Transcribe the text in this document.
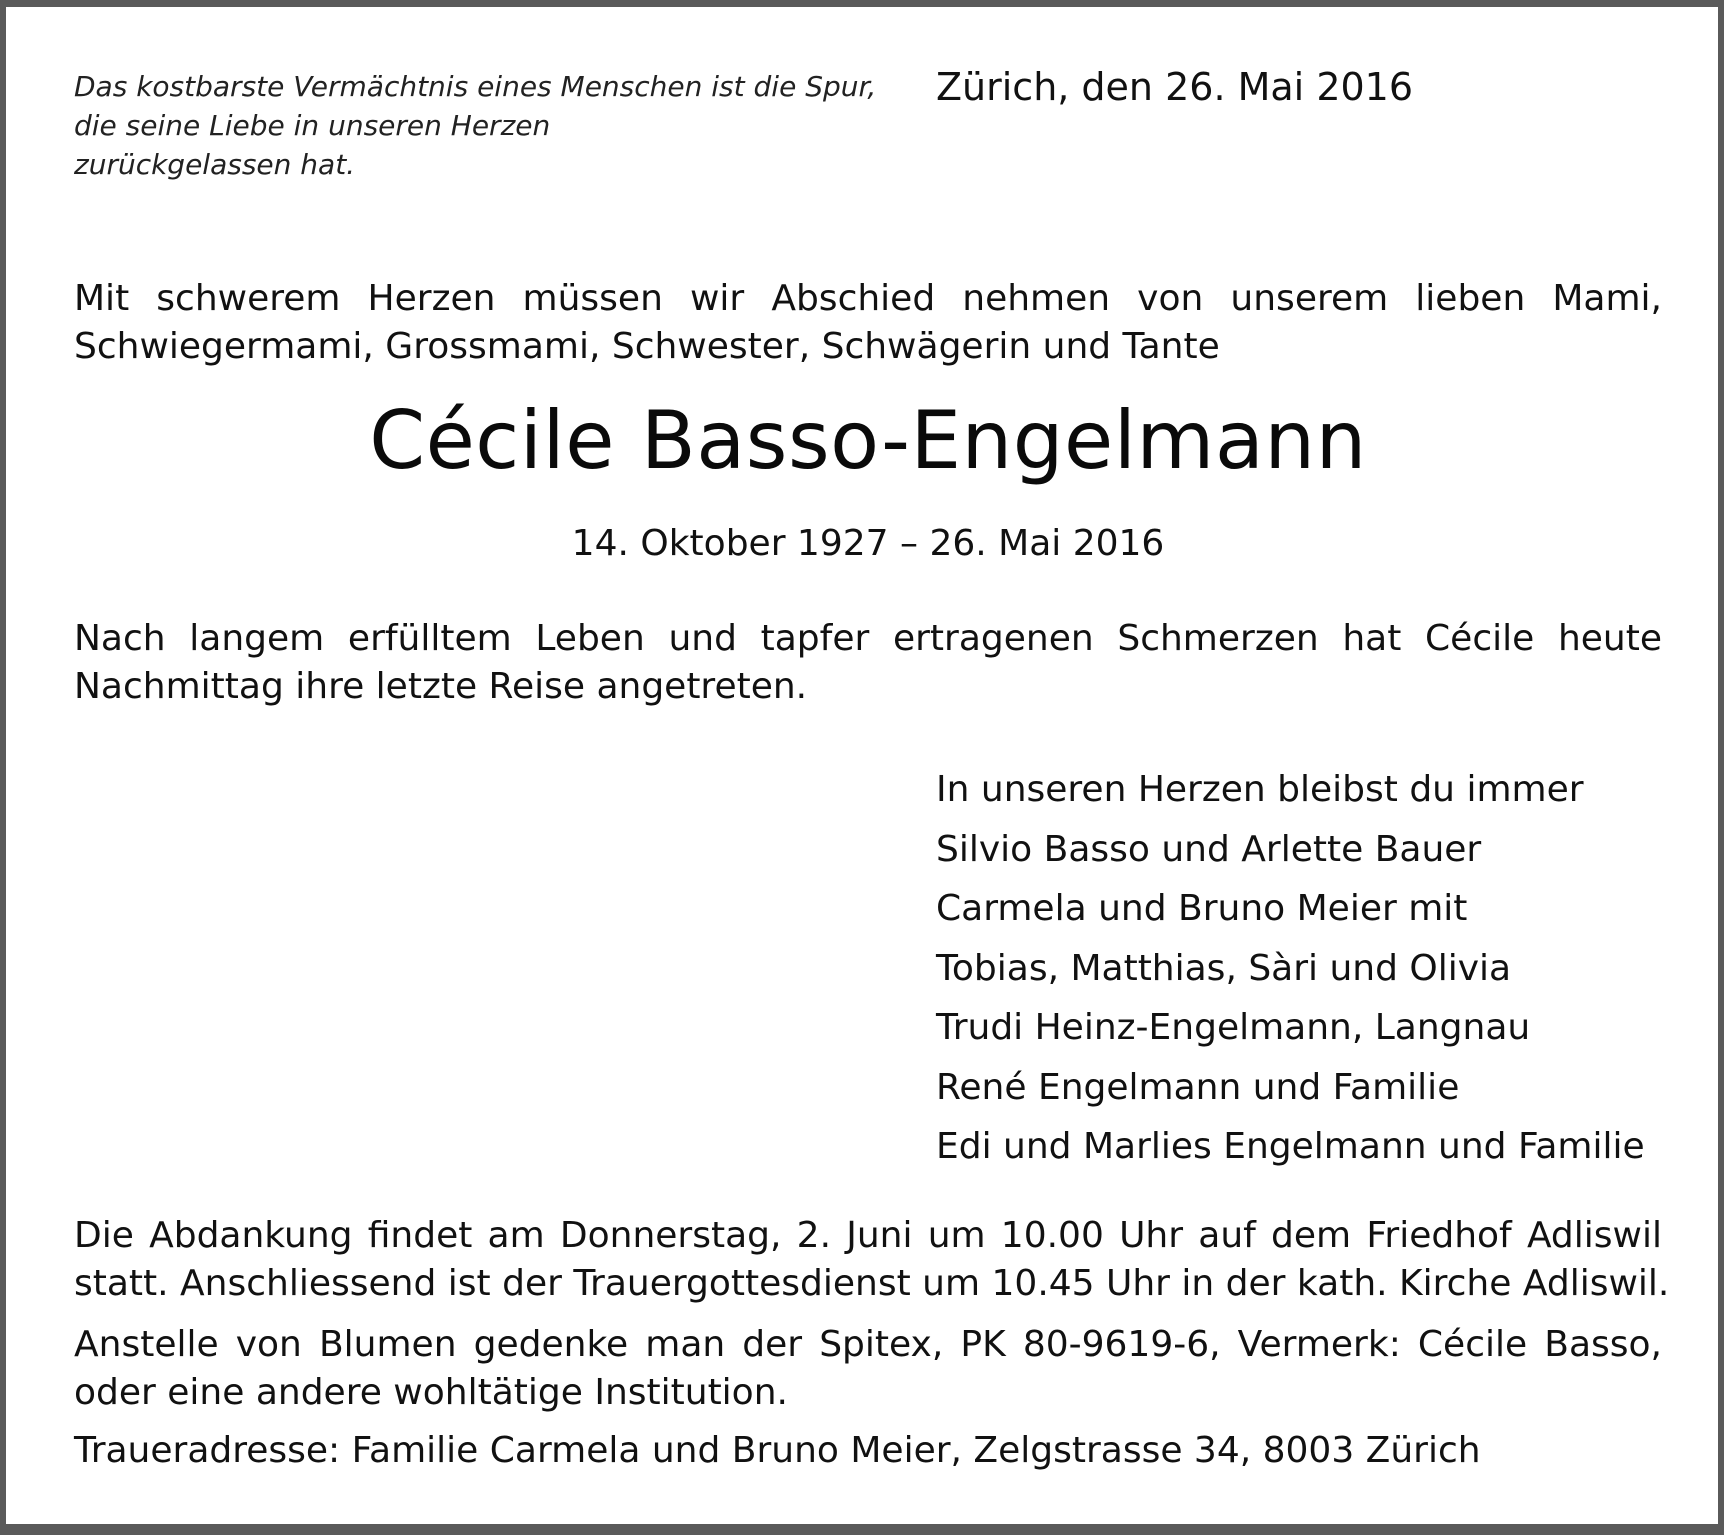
Das kostbarste Vermächtnis eines Menschen ist die Spur,
die seine Liebe in unseren Herzen
zurückgelassen hat.
Zürich, den 26. Mai 2016
Mit schwerem Herzen müssen wir Abschied nehmen von unserem lieben Mami,
Schwiegermami, Grossmami, Schwester, Schwägerin und Tante
Cécile Basso-Engelmann
14. Oktober 1927 – 26. Mai 2016
Nach langem erfülltem Leben und tapfer ertragenen Schmerzen hat Cécile heute
Nachmittag ihre letzte Reise angetreten.
In unseren Herzen bleibst du immer
Silvio Basso und Arlette Bauer
Carmela und Bruno Meier mit
Tobias, Matthias, Sàri und Olivia
Trudi Heinz-Engelmann, Langnau
René Engelmann und Familie
Edi und Marlies Engelmann und Familie
Die Abdankung findet am Donnerstag, 2. Juni um 10.00 Uhr auf dem Friedhof Adliswil
statt. Anschliessend ist der Trauergottesdienst um 10.45 Uhr in der kath. Kirche Adliswil.
Anstelle von Blumen gedenke man der Spitex, PK 80-9619-6, Vermerk: Cécile Basso,
oder eine andere wohltätige Institution.
Traueradresse: Familie Carmela und Bruno Meier, Zelgstrasse 34, 8003 Zürich
